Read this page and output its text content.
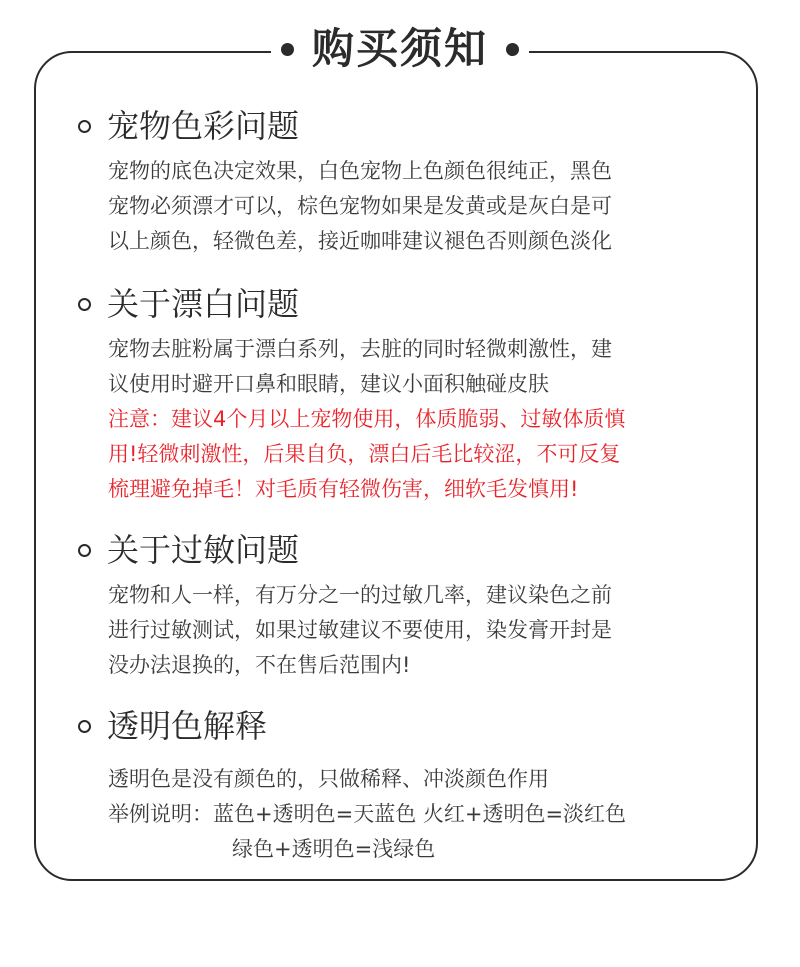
购买须知
宠物色彩问题

宠物的底色决定效果，白色宠物上色颜色很纯正，黑色

宠物必须漂才可以，棕色宠物如果是发黄或是灰白是可

以上颜色，轻微色差，接近咖啡建议褪色否则颜色淡化

关于漂白问题

宠物去脏粉属于漂白系列，去脏的同时轻微刺激性，建

议使用时避开口鼻和眼睛，建议小面积触碰皮肤

注意：建议4个月以上宠物使用，体质脆弱、过敏体质慎

用!轻微刺激性，后果自负，漂白后毛比较涩，不可反复

梳理避免掉毛！对毛质有轻微伤害，细软毛发慎用!

关于过敏问题

宠物和人一样，有万分之一的过敏几率，建议染色之前

进行过敏测试，如果过敏建议不要使用，染发膏开封是

没办法退换的，不在售后范围内!

透明色解释

透明色是没有颜色的，只做稀释、冲淡颜色作用

举例说明：蓝色+透明色=天蓝色 火红+透明色=淡红色

绿色+透明色=浅绿色
